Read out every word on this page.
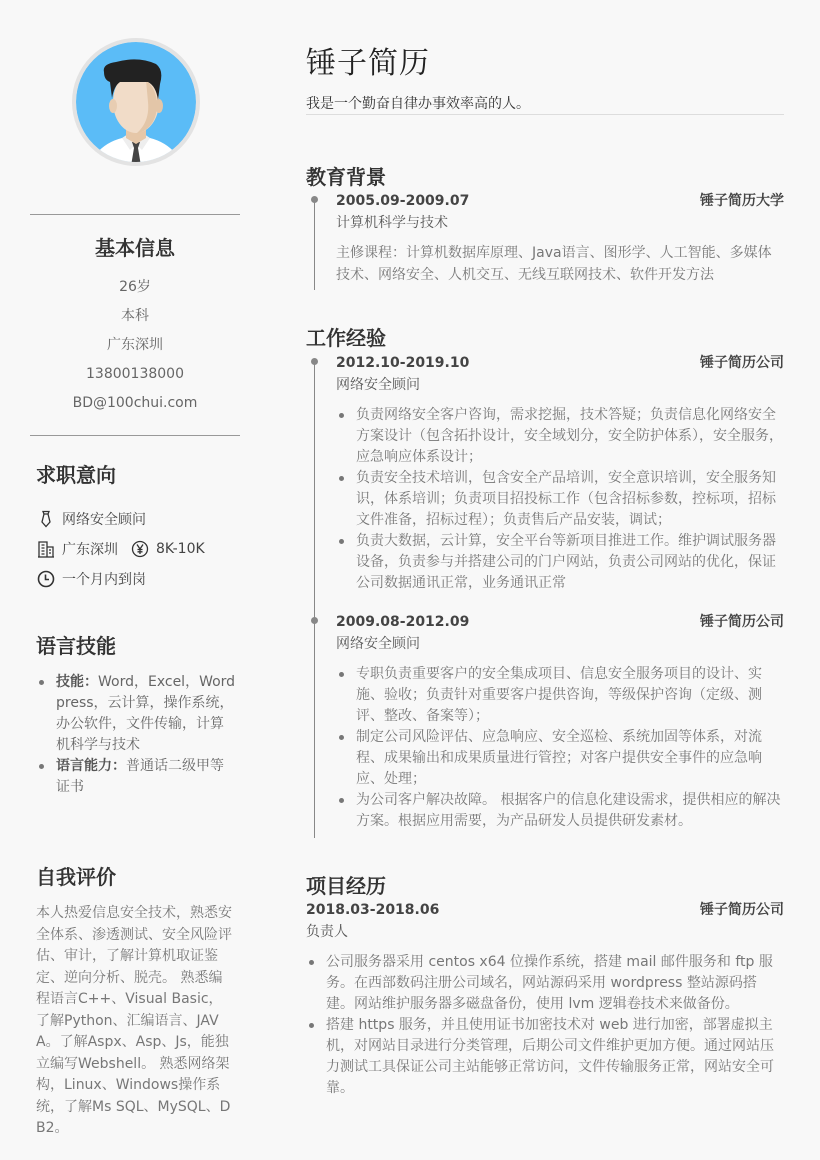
基本信息
26岁
本科
广东深圳
13800138000
BD@100chui.com
求职意向
网络安全顾问
广东深圳	8K-10K
一个月内到岗
语言技能
技能：Word，Excel，Wordpress，云计算，操作系统，办公软件，文件传输，计算机科学与技术
语言能力：普通话二级甲等证书
自我评价

本人热爱信息安全技术，熟悉安全体系、渗透测试、安全风险评估、审计，了解计算机取证鉴定、逆向分析、脱壳。 熟悉编程语言C++、Visual Basic，了解Python、汇编语言、JAVA。了解Aspx、Asp、Js，能独立编写Webshell。 熟悉网络架构，Linux、Windows操作系统，了解Ms SQL、MySQL、DB2。

锤子简历

我是一个勤奋自律办事效率高的人。

教育背景
2005.09-2009.07	锤子简历大学
计算机科学与技术
主修课程：计算机数据库原理、Java语言、图形学、人工智能、多媒体技术、网络安全、人机交互、无线互联网技术、软件开发方法
工作经验
2012.10-2019.10	锤子简历公司
网络安全顾问
负责网络安全客户咨询，需求挖掘，技术答疑；负责信息化网络安全方案设计（包含拓扑设计，安全域划分，安全防护体系），安全服务，应急响应体系设计；
负责安全技术培训，包含安全产品培训，安全意识培训，安全服务知识，体系培训；负责项目招投标工作（包含招标参数，控标项，招标文件准备，招标过程）；负责售后产品安装，调试；
负责大数据，云计算，安全平台等新项目推进工作。维护调试服务器设备，负责参与并搭建公司的门户网站，负责公司网站的优化，保证公司数据通讯正常，业务通讯正常
2009.08-2012.09	锤子简历公司
网络安全顾问
专职负责重要客户的安全集成项目、信息安全服务项目的设计、实施、验收；负责针对重要客户提供咨询，等级保护咨询（定级、测评、整改、备案等）；
制定公司风险评估、应急响应、安全巡检、系统加固等体系，对流程、成果输出和成果质量进行管控；对客户提供安全事件的应急响应、处理；
为公司客户解决故障。 根据客户的信息化建设需求，提供相应的解决方案。根据应用需要，为产品研发人员提供研发素材。
项目经历
2018.03-2018.06	锤子简历公司
负责人
公司服务器采用 centos x64 位操作系统，搭建 mail 邮件服务和 ftp 服务。在西部数码注册公司域名，网站源码采用 wordpress 整站源码搭建。网站维护服务器多磁盘备份，使用 lvm 逻辑卷技术来做备份。
搭建 https 服务，并且使用证书加密技术对 web 进行加密，部署虚拟主机，对网站目录进行分类管理，后期公司文件维护更加方便。通过网站压力测试工具保证公司主站能够正常访问，文件传输服务正常，网站安全可靠。
